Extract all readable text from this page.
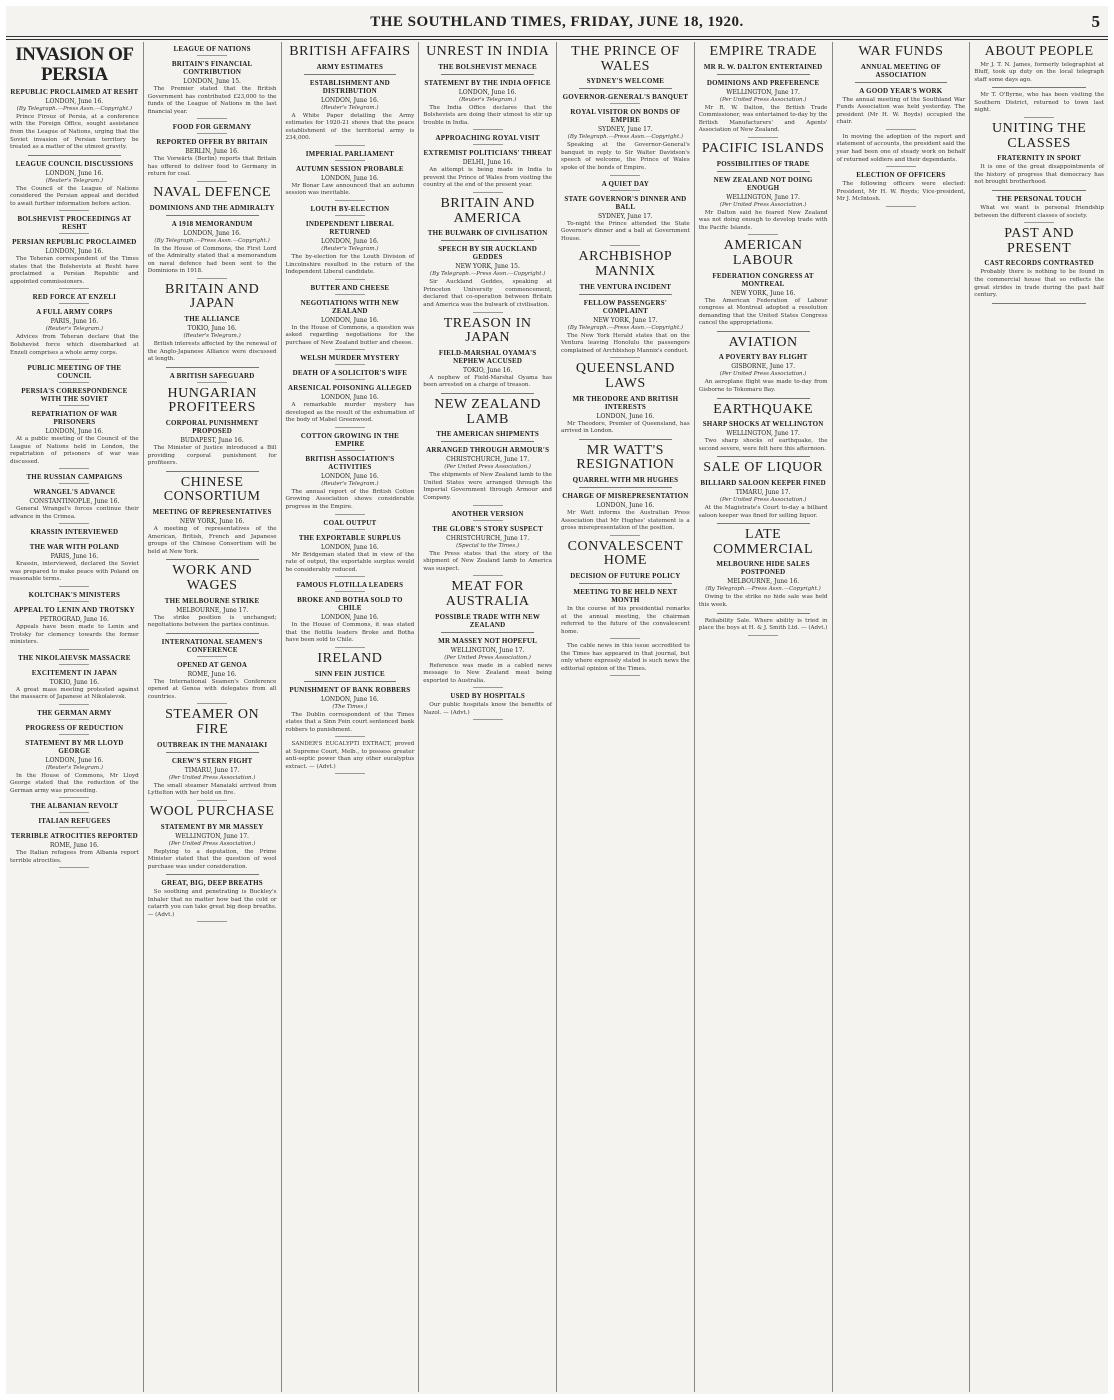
THE SOUTHLAND TIMES, FRIDAY, JUNE 18, 1920.	5
INVASION OF PERSIA
REPUBLIC PROCLAIMED AT RESHT
LONDON, June 16.
(By Telegraph.—Press Assn.—Copyright.)

Prince Firouz of Persia, at a conference with the Foreign Office, sought assistance from the League of Nations, urging that the Soviet invasion of Persian territory be treated as a matter of the utmost gravity.

LEAGUE COUNCIL DISCUSSIONS
LONDON, June 16.
(Reuter's Telegram.)

The Council of the League of Nations considered the Persian appeal and decided to await further information before action.

BOLSHEVIST PROCEEDINGS AT RESHT
PERSIAN REPUBLIC PROCLAIMED
LONDON, June 16.

The Teheran correspondent of the Times states that the Bolshevists at Resht have proclaimed a Persian Republic and appointed commissioners.

RED FORCE AT ENZELI
A FULL ARMY CORPS
PARIS, June 16.
(Reuter's Telegram.)

Advices from Teheran declare that the Bolshevist force which disembarked at Enzeli comprises a whole army corps.

PUBLIC MEETING OF THE COUNCIL
PERSIA'S CORRESPONDENCE WITH THE SOVIET
REPATRIATION OF WAR PRISONERS
LONDON, June 16.

At a public meeting of the Council of the League of Nations held in London, the repatriation of prisoners of war was discussed.

THE RUSSIAN CAMPAIGNS
WRANGEL'S ADVANCE
CONSTANTINOPLE, June 16.

General Wrangel's forces continue their advance in the Crimea.

KRASSIN INTERVIEWED
THE WAR WITH POLAND
PARIS, June 16.

Krassin, interviewed, declared the Soviet was prepared to make peace with Poland on reasonable terms.

KOLTCHAK'S MINISTERS
APPEAL TO LENIN AND TROTSKY
PETROGRAD, June 16.

Appeals have been made to Lenin and Trotsky for clemency towards the former ministers.

THE NIKOLAIEVSK MASSACRE
EXCITEMENT IN JAPAN
TOKIO, June 16.

A great mass meeting protested against the massacre of Japanese at Nikolaievsk.

THE GERMAN ARMY
PROGRESS OF REDUCTION
STATEMENT BY MR LLOYD GEORGE
LONDON, June 16.
(Reuter's Telegram.)

In the House of Commons, Mr Lloyd George stated that the reduction of the German army was proceeding.

THE ALBANIAN REVOLT
ITALIAN REFUGEES
TERRIBLE ATROCITIES REPORTED
ROME, June 16.

The Italian refugees from Albania report terrible atrocities.

LEAGUE OF NATIONS
BRITAIN'S FINANCIAL CONTRIBUTION
LONDON, June 15.

The Premier stated that the British Government has contributed £23,000 to the funds of the League of Nations in the last financial year.

FOOD FOR GERMANY
REPORTED OFFER BY BRITAIN
BERLIN, June 16.

The Vorwärts (Berlin) reports that Britain has offered to deliver food to Germany in return for coal.

NAVAL DEFENCE
DOMINIONS AND THE ADMIRALTY
A 1918 MEMORANDUM
LONDON, June 16.
(By Telegraph.—Press Assn.—Copyright.)

In the House of Commons, the First Lord of the Admiralty stated that a memorandum on naval defence had been sent to the Dominions in 1918.

BRITAIN AND JAPAN
THE ALLIANCE
TOKIO, June 16.
(Reuter's Telegram.)

British interests affected by the renewal of the Anglo-Japanese Alliance were discussed at length.

A BRITISH SAFEGUARD
HUNGARIAN PROFITEERS
CORPORAL PUNISHMENT PROPOSED
BUDAPEST, June 16.

The Minister of Justice introduced a Bill providing corporal punishment for profiteers.

CHINESE CONSORTIUM
MEETING OF REPRESENTATIVES
NEW YORK, June 16.

A meeting of representatives of the American, British, French and Japanese groups of the Chinese Consortium will be held at New York.

WORK AND WAGES
THE MELBOURNE STRIKE
MELBOURNE, June 17.

The strike position is unchanged; negotiations between the parties continue.

INTERNATIONAL SEAMEN'S CONFERENCE
OPENED AT GENOA
ROME, June 16.

The International Seamen's Conference opened at Genoa with delegates from all countries.

STEAMER ON FIRE
OUTBREAK IN THE MANAIAKI
CREW'S STERN FIGHT
TIMARU, June 17.
(Per United Press Association.)

The small steamer Manaiaki arrived from Lyttelton with her hold on fire.

WOOL PURCHASE
STATEMENT BY MR MASSEY
WELLINGTON, June 17.
(Per United Press Association.)

Replying to a deputation, the Prime Minister stated that the question of wool purchase was under consideration.

GREAT, BIG, DEEP BREATHS

So soothing and penetrating is Buckley's Inhaler that no matter how bad the cold or catarrh you can take great big deep breaths. — (Advt.)

BRITISH AFFAIRS
ARMY ESTIMATES
ESTABLISHMENT AND DISTRIBUTION
LONDON, June 16.
(Reuter's Telegram.)

A White Paper detailing the Army estimates for 1920-21 shows that the peace establishment of the territorial army is 234,000.

IMPERIAL PARLIAMENT
AUTUMN SESSION PROBABLE
LONDON, June 16.

Mr Bonar Law announced that an autumn session was inevitable.

LOUTH BY-ELECTION
INDEPENDENT LIBERAL RETURNED
LONDON, June 16.
(Reuter's Telegram.)

The by-election for the Louth Division of Lincolnshire resulted in the return of the Independent Liberal candidate.

BUTTER AND CHEESE
NEGOTIATIONS WITH NEW ZEALAND
LONDON, June 16.

In the House of Commons, a question was asked regarding negotiations for the purchase of New Zealand butter and cheese.

WELSH MURDER MYSTERY
DEATH OF A SOLICITOR'S WIFE
ARSENICAL POISONING ALLEGED
LONDON, June 16.

A remarkable murder mystery has developed as the result of the exhumation of the body of Mabel Greenwood.

COTTON GROWING IN THE EMPIRE
BRITISH ASSOCIATION'S ACTIVITIES
LONDON, June 16.
(Reuter's Telegram.)

The annual report of the British Cotton Growing Association shows considerable progress in the Empire.

COAL OUTPUT
THE EXPORTABLE SURPLUS
LONDON, June 16.

Mr Bridgeman stated that in view of the rate of output, the exportable surplus would be considerably reduced.

FAMOUS FLOTILLA LEADERS
BROKE AND BOTHA SOLD TO CHILE
LONDON, June 16.

In the House of Commons, it was stated that the flotilla leaders Broke and Botha have been sold to Chile.

IRELAND
SINN FEIN JUSTICE
PUNISHMENT OF BANK ROBBERS
LONDON, June 16.
(The Times.)

The Dublin correspondent of the Times states that a Sinn Fein court sentenced bank robbers to punishment.

SANDER'S EUCALYPTI EXTRACT, proved at Supreme Court, Melb., to possess greater anti-septic power than any other eucalyptus extract. — (Advt.)

UNREST IN INDIA
THE BOLSHEVIST MENACE
STATEMENT BY THE INDIA OFFICE
LONDON, June 16.
(Reuter's Telegram.)

The India Office declares that the Bolshevists are doing their utmost to stir up trouble in India.

APPROACHING ROYAL VISIT
EXTREMIST POLITICIANS' THREAT
DELHI, June 16.

An attempt is being made in India to prevent the Prince of Wales from visiting the country at the end of the present year.

BRITAIN AND AMERICA
THE BULWARK OF CIVILISATION
SPEECH BY SIR AUCKLAND GEDDES
NEW YORK, June 15.
(By Telegraph.—Press Assn.—Copyright.)

Sir Auckland Geddes, speaking at Princeton University commencement, declared that co-operation between Britain and America was the bulwark of civilisation.

TREASON IN JAPAN
FIELD-MARSHAL OYAMA'S NEPHEW ACCUSED
TOKIO, June 16.

A nephew of Field-Marshal Oyama has been arrested on a charge of treason.

NEW ZEALAND LAMB
THE AMERICAN SHIPMENTS
ARRANGED THROUGH ARMOUR'S
CHRISTCHURCH, June 17.
(Per United Press Association.)

The shipments of New Zealand lamb to the United States were arranged through the Imperial Government through Armour and Company.

ANOTHER VERSION
THE GLOBE'S STORY SUSPECT
CHRISTCHURCH, June 17.
(Special to the Times.)

The Press states that the story of the shipment of New Zealand lamb to America was suspect.

MEAT FOR AUSTRALIA
POSSIBLE TRADE WITH NEW ZEALAND
MR MASSEY NOT HOPEFUL
WELLINGTON, June 17.
(Per United Press Association.)

Reference was made in a cabled news message to New Zealand meat being exported to Australia.

USED BY HOSPITALS

Our public hospitals know the benefits of Nazol. — (Advt.)

THE PRINCE OF WALES
SYDNEY'S WELCOME
GOVERNOR-GENERAL'S BANQUET
ROYAL VISITOR ON BONDS OF EMPIRE
SYDNEY, June 17.
(By Telegraph.—Press Assn.—Copyright.)

Speaking at the Governor-General's banquet in reply to Sir Walter Davidson's speech of welcome, the Prince of Wales spoke of the bonds of Empire.

A QUIET DAY
STATE GOVERNOR'S DINNER AND BALL
SYDNEY, June 17.

To-night the Prince attended the State Governor's dinner and a ball at Government House.

ARCHBISHOP MANNIX
THE VENTURA INCIDENT
FELLOW PASSENGERS' COMPLAINT
NEW YORK, June 17.
(By Telegraph.—Press Assn.—Copyright.)

The New York Herald states that on the Ventura leaving Honolulu the passengers complained of Archbishop Mannix's conduct.

QUEENSLAND LAWS
MR THEODORE AND BRITISH INTERESTS
LONDON, June 16.

Mr Theodore, Premier of Queensland, has arrived in London.

MR WATT'S RESIGNATION
QUARREL WITH MR HUGHES
CHARGE OF MISREPRESENTATION
LONDON, June 16.

Mr Watt informs the Australian Press Association that Mr Hughes' statement is a gross misrepresentation of the position.

CONVALESCENT HOME
DECISION OF FUTURE POLICY
MEETING TO BE HELD NEXT MONTH

In the course of his presidential remarks at the annual meeting, the chairman referred to the future of the convalescent home.

The cable news in this issue accredited to the Times has appeared in that journal, but only where expressly stated is such news the editorial opinion of the Times.

EMPIRE TRADE
MR R. W. DALTON ENTERTAINED
DOMINIONS AND PREFERENCE
WELLINGTON, June 17.
(Per United Press Association.)

Mr R. W. Dalton, the British Trade Commissioner, was entertained to-day by the British Manufacturers' and Agents' Association of New Zealand.

PACIFIC ISLANDS
POSSIBILITIES OF TRADE
NEW ZEALAND NOT DOING ENOUGH
WELLINGTON, June 17.
(Per United Press Association.)

Mr Dalton said he feared New Zealand was not doing enough to develop trade with the Pacific Islands.

AMERICAN LABOUR
FEDERATION CONGRESS AT MONTREAL
NEW YORK, June 16.

The American Federation of Labour congress at Montreal adopted a resolution demanding that the United States Congress cancel the appropriations.

AVIATION
A POVERTY BAY FLIGHT
GISBORNE, June 17.
(Per United Press Association.)

An aeroplane flight was made to-day from Gisborne to Tokomaru Bay.

EARTHQUAKE
SHARP SHOCKS AT WELLINGTON
WELLINGTON, June 17.

Two sharp shocks of earthquake, the second severe, were felt here this afternoon.

SALE OF LIQUOR
BILLIARD SALOON KEEPER FINED
TIMARU, June 17.
(Per United Press Association.)

At the Magistrate's Court to-day a billiard saloon keeper was fined for selling liquor.

LATE COMMERCIAL
MELBOURNE HIDE SALES POSTPONED
MELBOURNE, June 16.
(By Telegraph.—Press Assn.—Copyright.)

Owing to the strike no hide sale was held this week.

Reliability Sale. Where ability is tried in place the boys at H. & J. Smith Ltd. — (Advt.)

WAR FUNDS
ANNUAL MEETING OF ASSOCIATION
A GOOD YEAR'S WORK

The annual meeting of the Southland War Funds Association was held yesterday. The president (Mr H. W. Royds) occupied the chair.

In moving the adoption of the report and statement of accounts, the president said the year had been one of steady work on behalf of returned soldiers and their dependants.

ELECTION OF OFFICERS

The following officers were elected: President, Mr H. W. Royds; Vice-president, Mr J. McIntosh.

ABOUT PEOPLE

Mr J. T. N. James, formerly telegraphist at Bluff, took up duty on the local telegraph staff some days ago.

Mr T. O'Byrne, who has been visiting the Southern District, returned to town last night.

UNITING THE CLASSES
FRATERNITY IN SPORT

It is one of the great disappointments of the history of progress that democracy has not brought brotherhood.

THE PERSONAL TOUCH

What we want is personal friendship between the different classes of society.

PAST AND PRESENT
CAST RECORDS CONTRASTED

Probably there is nothing to be found in the commercial house that so reflects the great strides in trade during the past half century.
